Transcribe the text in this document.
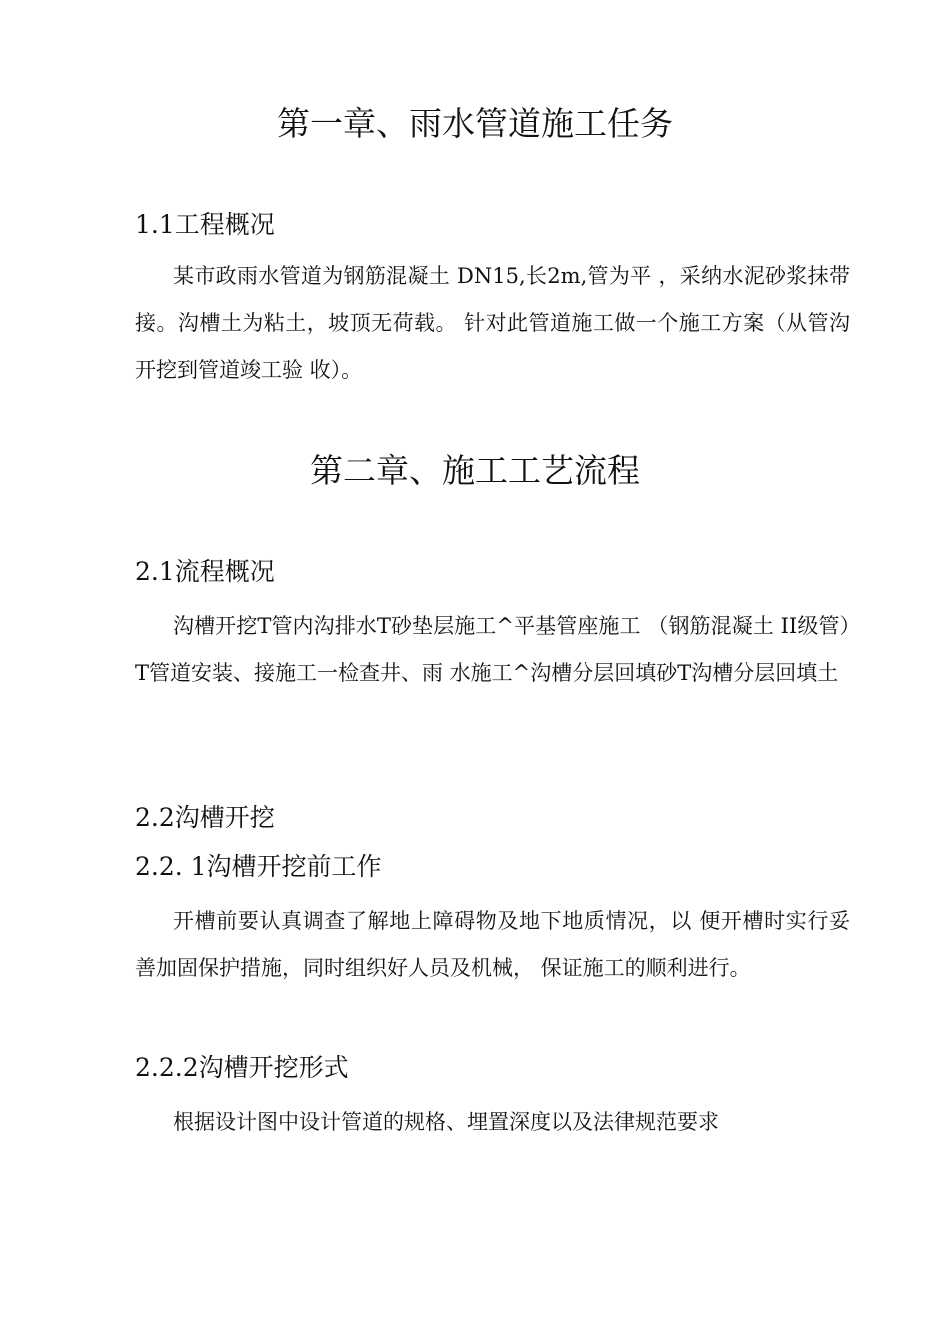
第一章、雨水管道施工任务
1.1工程概况

某市政雨水管道为钢筋混凝土 DN15,长2m,管为平 ，采纳水泥砂浆抹带接。沟槽土为粘土，坡顶无荷载。 针对此管道施工做一个施工方案（从管沟开挖到管道竣工验 收）。

第二章、施工工艺流程
2.1流程概况

沟槽开挖T管内沟排水T砂垫层施工^平基管座施工 （钢筋混凝土 II级管）T管道安装、接施工一检查井、雨 水施工^沟槽分层回填砂T沟槽分层回填土

2.2沟槽开挖
2.2. 1沟槽开挖前工作

开槽前要认真调查了解地上障碍物及地下地质情况，以 便开槽时实行妥善加固保护措施，同时组织好人员及机械， 保证施工的顺利进行。

2.2.2沟槽开挖形式

根据设计图中设计管道的规格、埋置深度以及法律规范要求
